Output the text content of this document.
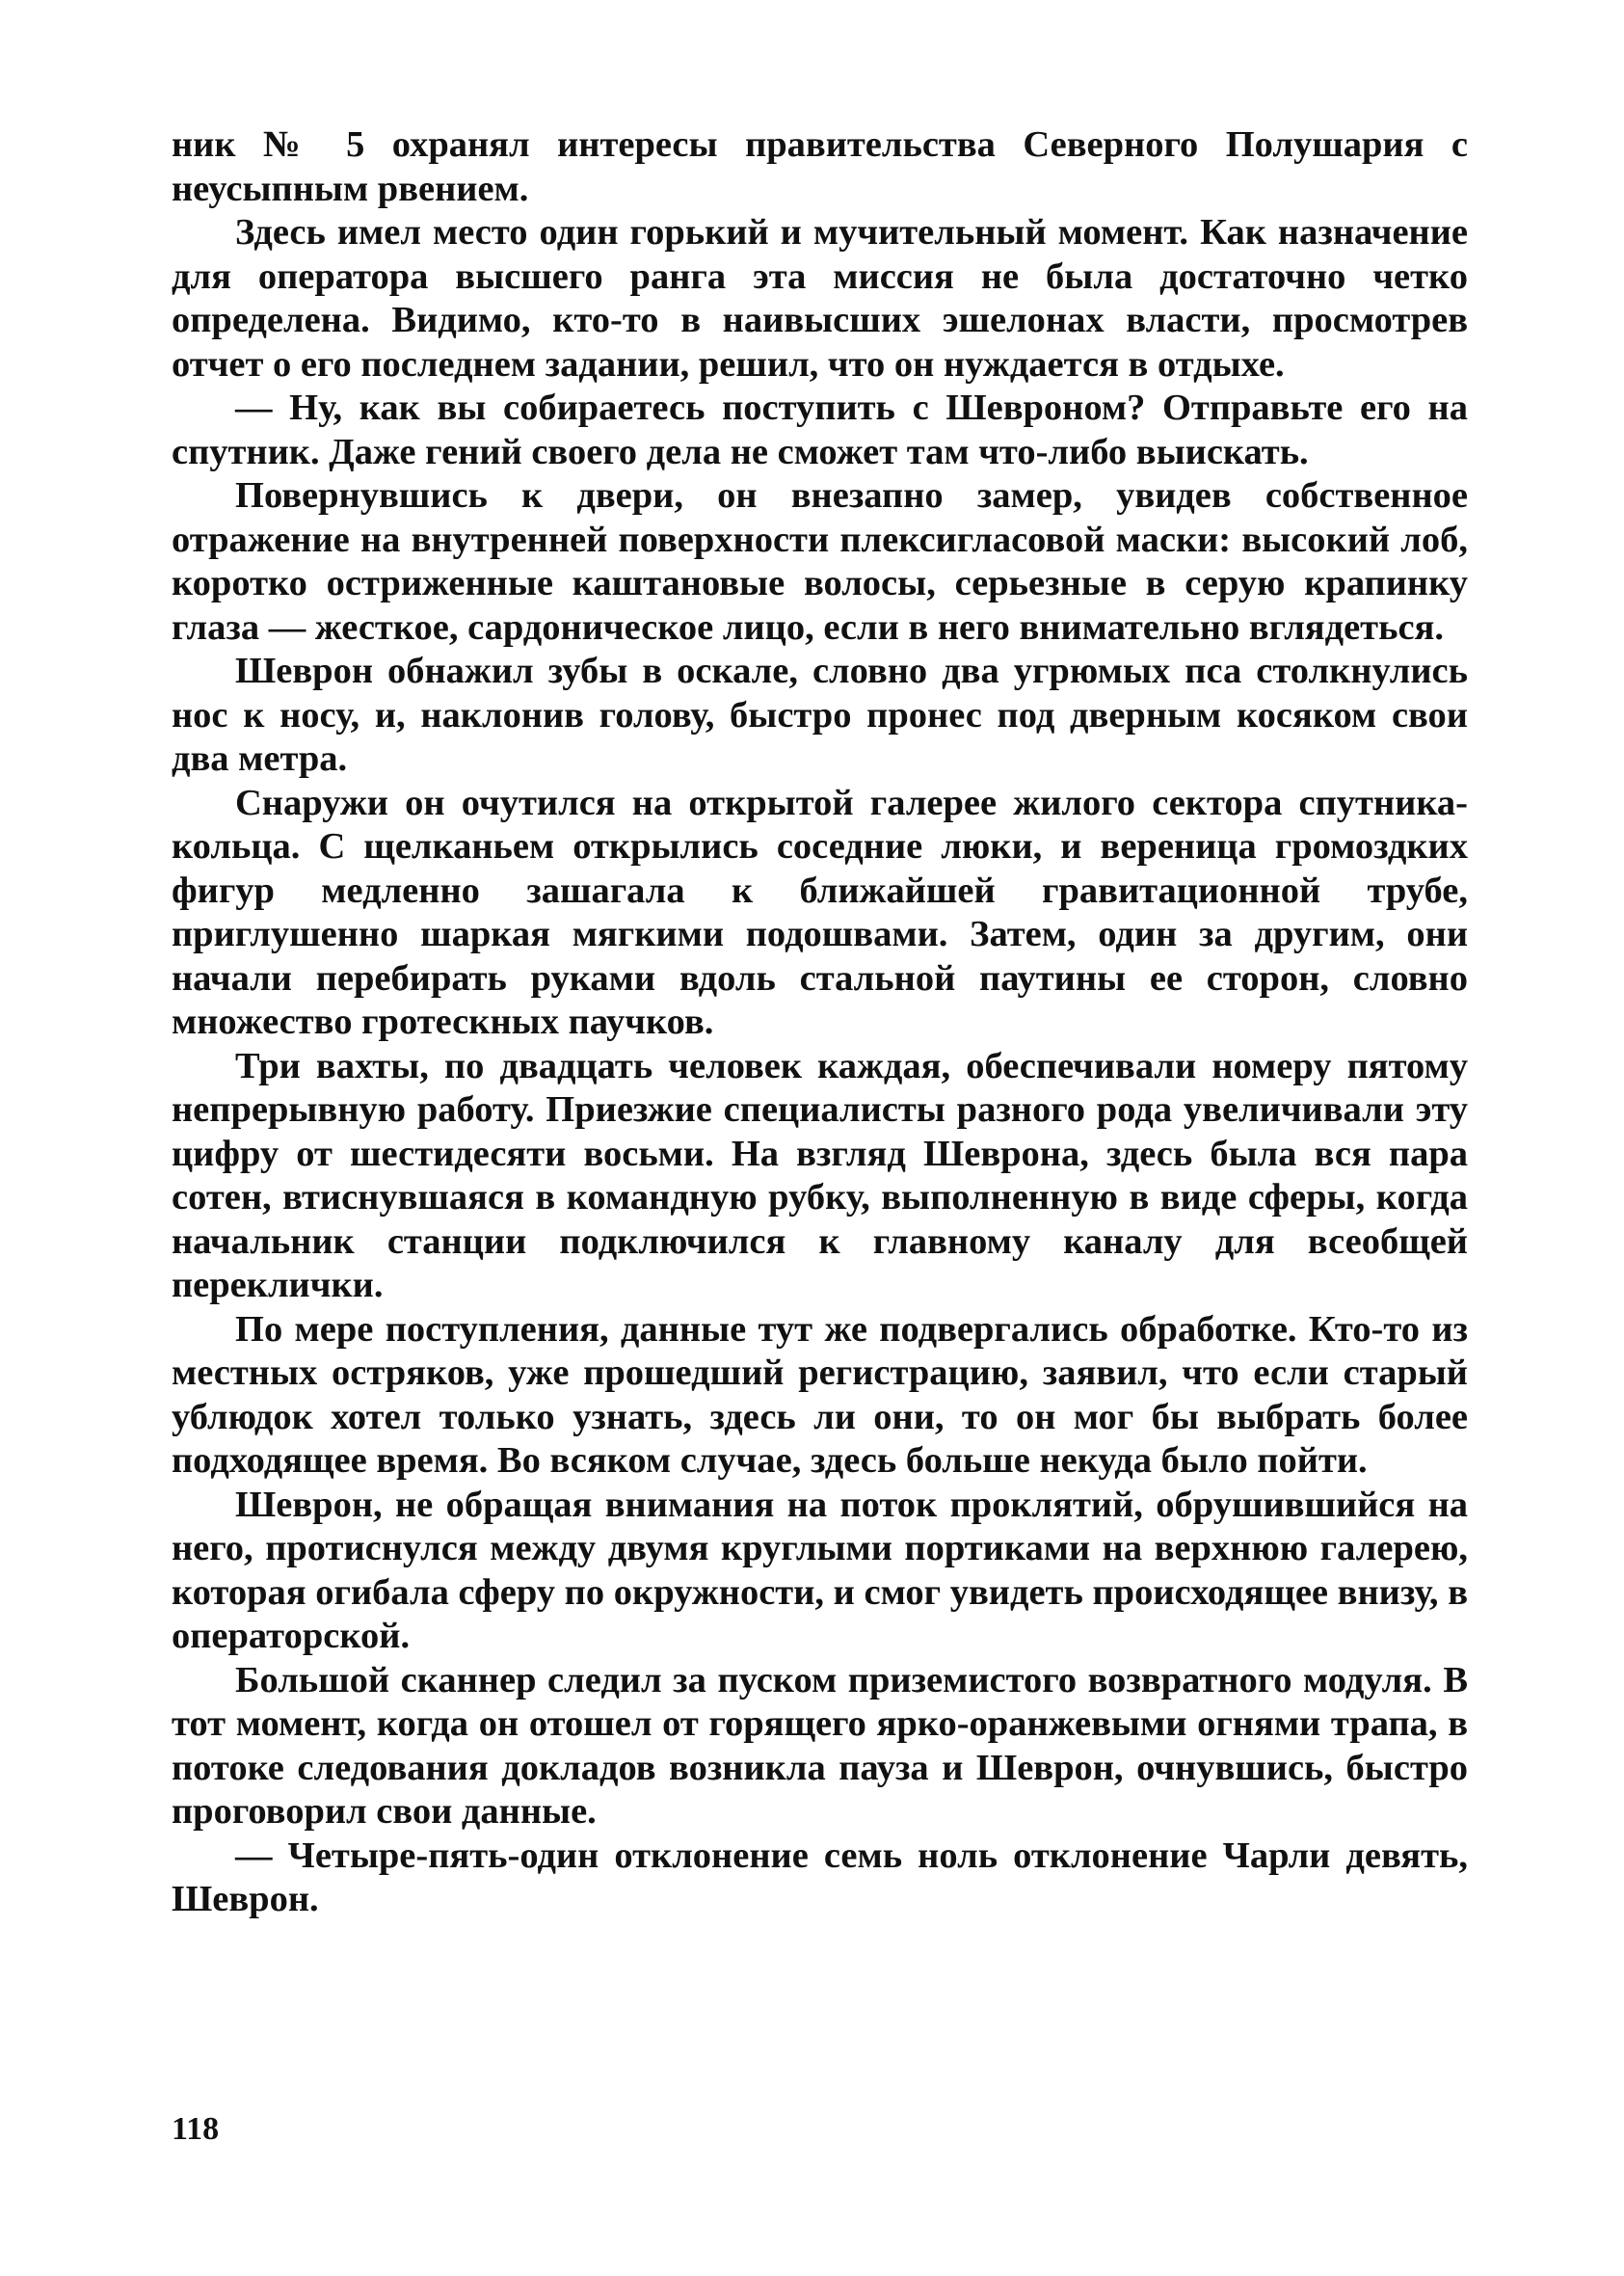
ник № 5 охранял интересы правительства Северного Полушария с неусыпным рвением.

Здесь имел место один горький и мучительный момент. Как назначение для оператора высшего ранга эта миссия не была достаточно четко определена. Видимо, кто-то в наивысших эшелонах власти, просмотрев отчет о его последнем задании, решил, что он нуждается в отдыхе.

— Ну, как вы собираетесь поступить с Шевроном? Отправьте его на спутник. Даже гений своего дела не сможет там что-либо выискать.

Повернувшись к двери, он внезапно замер, увидев собственное отражение на внутренней поверхности плексигласовой маски: высокий лоб, коротко остриженные каштановые волосы, серьезные в серую крапинку глаза — жесткое, сардоническое лицо, если в него внимательно вглядеться.

Шеврон обнажил зубы в оскале, словно два угрюмых пса столкнулись нос к носу, и, наклонив голову, быстро пронес под дверным косяком свои два метра.

Снаружи он очутился на открытой галерее жилого сектора спутника-кольца. С щелканьем открылись соседние люки, и вереница громоздких фигур медленно зашагала к ближайшей гравитационной трубе, приглушенно шаркая мягкими подошвами. Затем, один за другим, они начали перебирать руками вдоль стальной паутины ее сторон, словно множество гротескных паучков.

Три вахты, по двадцать человек каждая, обеспечивали номеру пятому непрерывную работу. Приезжие специалисты разного рода увеличивали эту цифру от шестидесяти восьми. На взгляд Шеврона, здесь была вся пара сотен, втиснувшаяся в командную рубку, выполненную в виде сферы, когда начальник станции подключился к главному каналу для всеобщей переклички.

По мере поступления, данные тут же подвергались обработке. Кто-то из местных остряков, уже прошедший регистрацию, заявил, что если старый ублюдок хотел только узнать, здесь ли они, то он мог бы выбрать более подходящее время. Во всяком случае, здесь больше некуда было пойти.

Шеврон, не обращая внимания на поток проклятий, обрушившийся на него, протиснулся между двумя круглыми портиками на верхнюю галерею, которая огибала сферу по окружности, и смог увидеть происходящее внизу, в операторской.

Большой сканнер следил за пуском приземистого возвратного модуля. В тот момент, когда он отошел от горящего ярко-оранжевыми огнями трапа, в потоке следования докладов возникла пауза и Шеврон, очнувшись, быстро проговорил свои данные.

— Четыре-пять-один отклонение семь ноль отклонение Чарли девять, Шеврон.

118
